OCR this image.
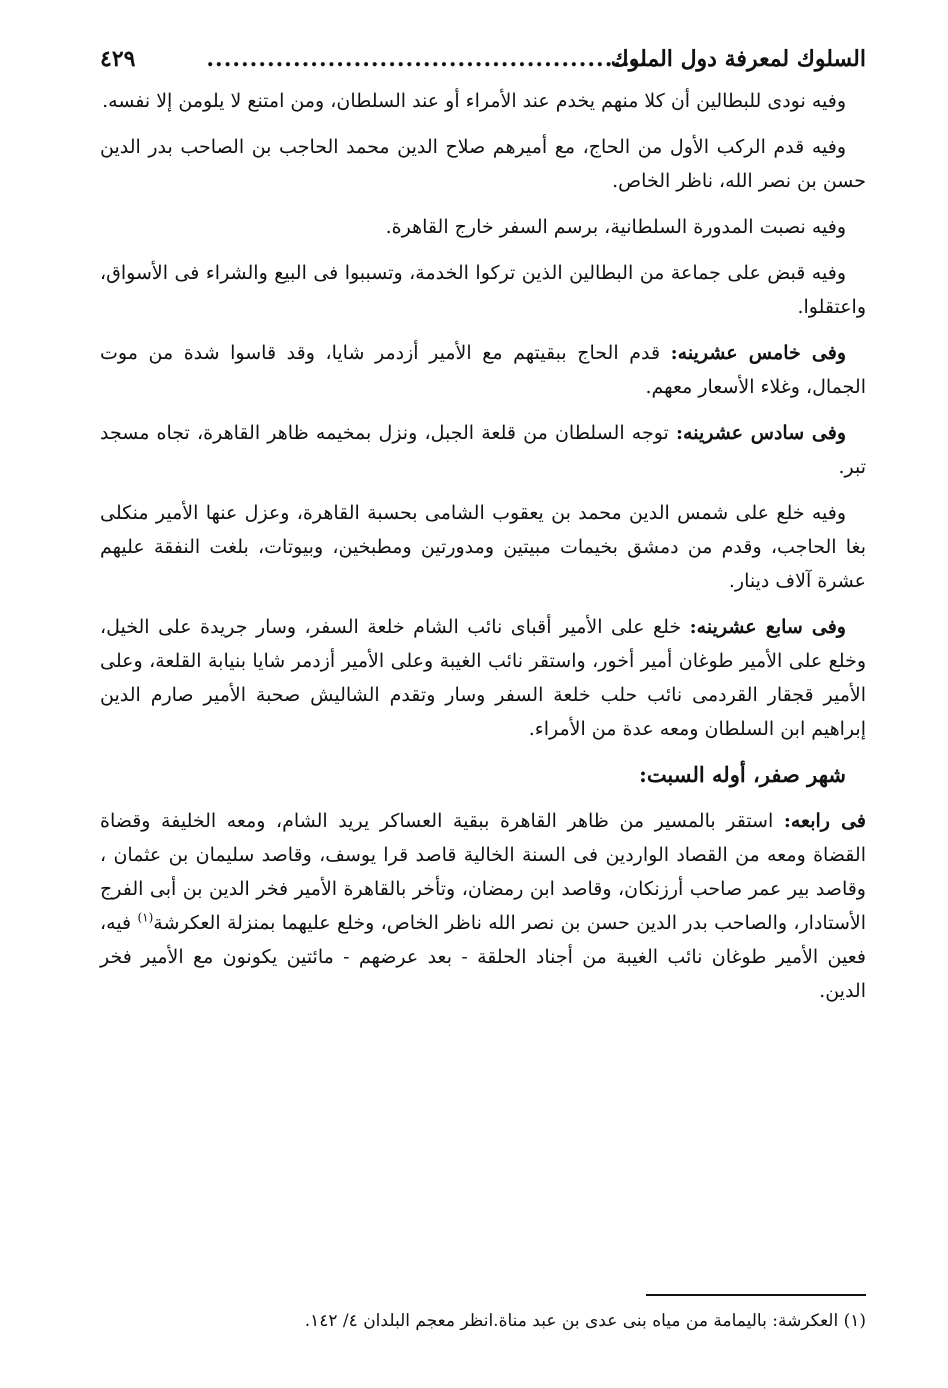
السلوك لمعرفة دول الملوك
...................................................
٤٢٩

وفيه نودى للبطالين أن كلا منهم يخدم عند الأمراء أو عند السلطان، ومن امتنع لا يلومن إلا نفسه.

وفيه قدم الركب الأول من الحاج، مع أميرهم صلاح الدين محمد الحاجب بن الصاحب بدر الدين حسن بن نصر الله، ناظر الخاص.

وفيه نصبت المدورة السلطانية، برسم السفر خارج القاهرة.

وفيه قبض على جماعة من البطالين الذين تركوا الخدمة، وتسببوا فى البيع والشراء فى الأسواق، واعتقلوا.

وفى خامس عشرينه: قدم الحاج ببقيتهم مع الأمير أزدمر شايا، وقد قاسوا شدة من موت الجمال، وغلاء الأسعار معهم.

وفى سادس عشرينه: توجه السلطان من قلعة الجبل، ونزل بمخيمه ظاهر القاهرة، تجاه مسجد تبر.

وفيه خلع على شمس الدين محمد بن يعقوب الشامى بحسبة القاهرة، وعزل عنها الأمير منكلى بغا الحاجب، وقدم من دمشق بخيمات مبيتين ومدورتين ومطبخين، وبيوتات، بلغت النفقة عليهم عشرة آلاف دينار.

وفى سابع عشرينه: خلع على الأمير أقباى نائب الشام خلعة السفر، وسار جريدة على الخيل، وخلع على الأمير طوغان أمير أخور، واستقر نائب الغيبة وعلى الأمير أزدمر شايا بنيابة القلعة، وعلى الأمير قجقار القردمى نائب حلب خلعة السفر وسار وتقدم الشاليش صحبة الأمير صارم الدين إبراهيم ابن السلطان ومعه عدة من الأمراء.

شهر صفر، أوله السبت:

فى رابعه: استقر بالمسير من ظاهر القاهرة ببقية العساكر يريد الشام، ومعه الخليفة وقضاة القضاة ومعه من القصاد الواردين فى السنة الخالية قاصد قرا يوسف، وقاصد سليمان بن عثمان ، وقاصد بير عمر صاحب أرزنكان، وقاصد ابن رمضان، وتأخر بالقاهرة الأمير فخر الدين بن أبى الفرج الأستادار، والصاحب بدر الدين حسن بن نصر الله ناظر الخاص، وخلع عليهما بمنزلة العكرشة$^{(١)}$ فيه، فعين الأمير طوغان نائب الغيبة من أجناد الحلقة - بعد عرضهم - مائتين يكونون مع الأمير فخر الدين.

(١) العكرشة: باليمامة من مياه بنى عدى بن عبد مناة.انظر معجم البلدان ٤/ ١٤٢.
